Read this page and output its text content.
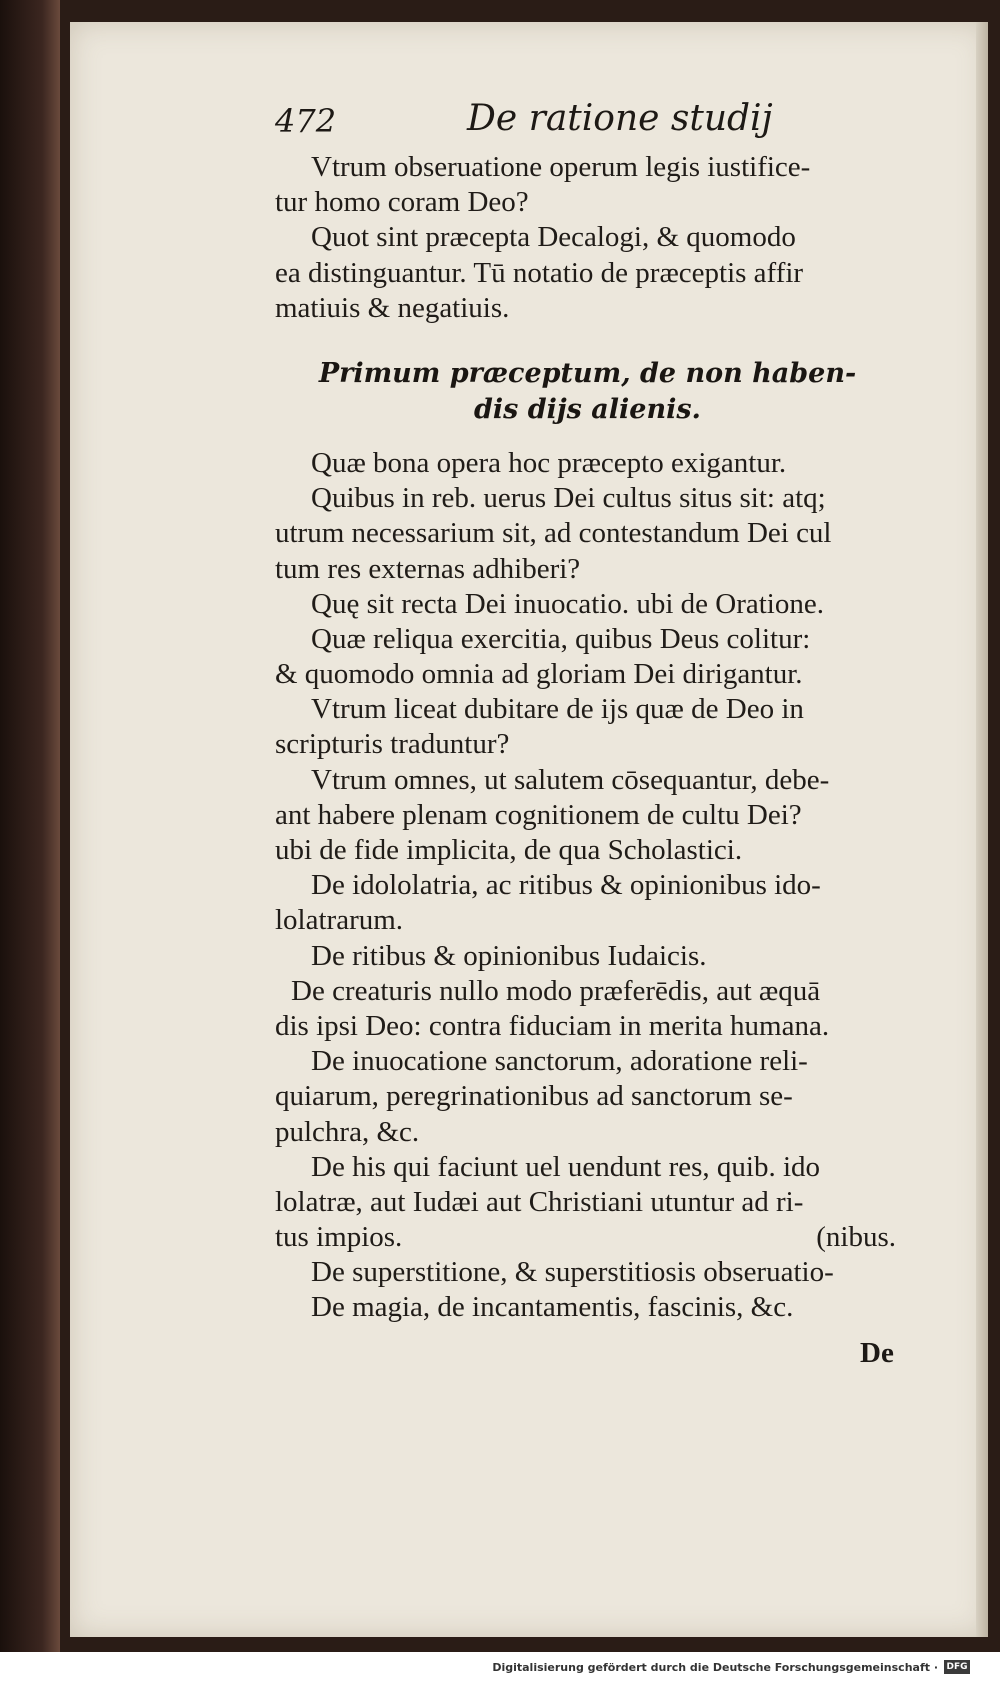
472	De ratione studij
Vtrum obseruatione operum legis iustifice-
tur homo coram Deo?
Quot sint præcepta Decalogi, & quomodo
ea distinguantur. Tū notatio de præceptis affir
matiuis & negatiuis.
Primum præceptum, de non haben-
dis dijs alienis.
Quæ bona opera hoc præcepto exigantur.
Quibus in reb. uerus Dei cultus situs sit: atq;
utrum necessarium sit, ad contestandum Dei cul
tum res externas adhiberi?
Quę sit recta Dei inuocatio. ubi de Oratione.
Quæ reliqua exercitia, quibus Deus colitur:
& quomodo omnia ad gloriam Dei dirigantur.
Vtrum liceat dubitare de ijs quæ de Deo in
scripturis traduntur?
Vtrum omnes, ut salutem cōsequantur, debe-
ant habere plenam cognitionem de cultu Dei?
ubi de fide implicita, de qua Scholastici.
De idololatria, ac ritibus & opinionibus ido-
lolatrarum.
De ritibus & opinionibus Iudaicis.
De creaturis nullo modo præferēdis, aut æquā
dis ipsi Deo: contra fiduciam in merita humana.
De inuocatione sanctorum, adoratione reli-
quiarum, peregrinationibus ad sanctorum se-
pulchra, &c.
De his qui faciunt uel uendunt res, quib. ido
lolatræ, aut Iudæi aut Christiani utuntur ad ri-
tus impios.	(nibus.
De superstitione, & superstitiosis obseruatio-
De magia, de incantamentis, fascinis, &c.
De
Digitalisierung gefördert durch die Deutsche Forschungsgemeinschaft · DFG
